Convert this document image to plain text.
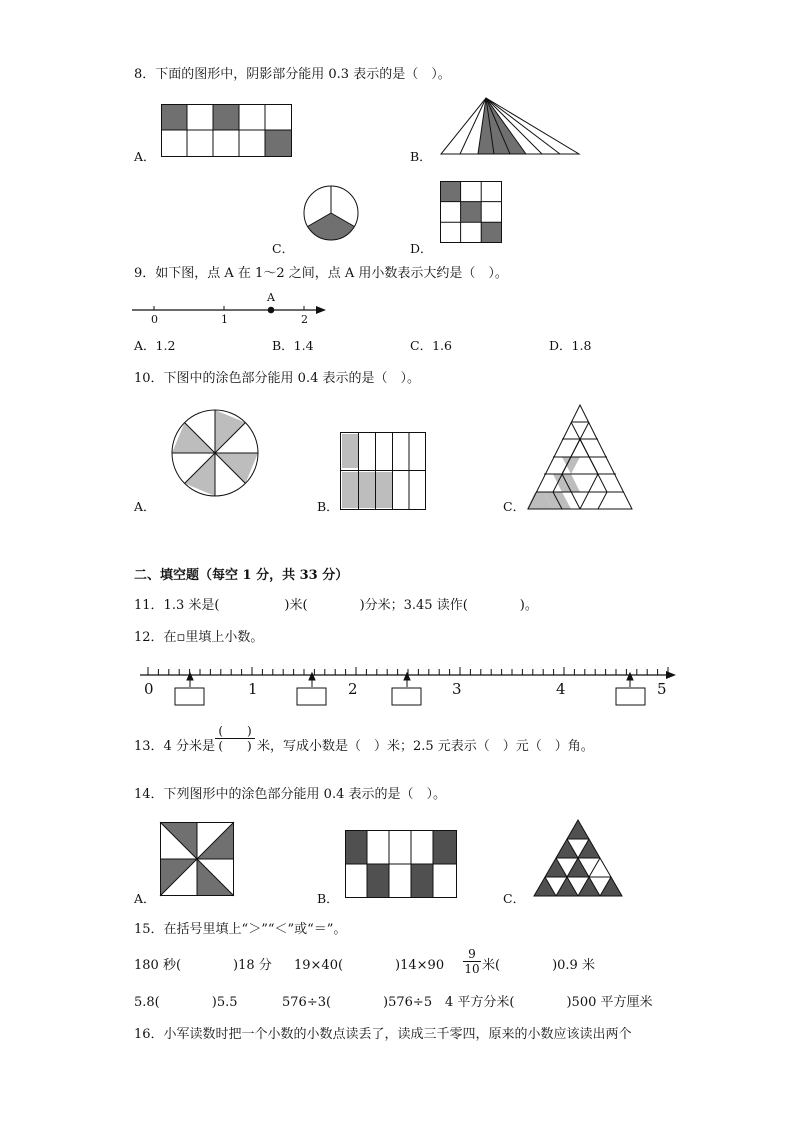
8．下面的图形中，阴影部分能用 0.3 表示的是（　）。
A．	B．
C．	D．
9．如下图，点 A 在 1～2 之间，点 A 用小数表示大约是（　）。
0	1	2
A
A．1.2	B．1.4	C．1.6	D．1.8
10．下图中的涂色部分能用 0.4 表示的是（　）。
A．	B．	C．
二、填空题（每空 1 分，共 33 分）
11．1.3 米是(　　　　　)米(　　　　)分米；3.45 读作(　　　　)。
12．在▫里填上小数。
0	1	2	3	4	5
13．4 分米是
(　　)
(　　) 米，写成小数是（　）米；2.5 元表示（　）元（　）角。
14．下列图形中的涂色部分能用 0.4 表示的是（　）。
A．	B．	C．
15．在括号里填上“＞”“＜”或“＝”。
180 秒(　　　　)18 分 19×40(　　　　)$14\times 90 \frac{9}{10}$ 米(　　　　)0.9 米
5.8(　　　　)5.5	576÷3(　　　　)576÷5 4 平方分米(　　　　)500 平方厘米
16．小军读数时把一个小数的小数点读丢了，读成三千零四，原来的小数应该读出两个
